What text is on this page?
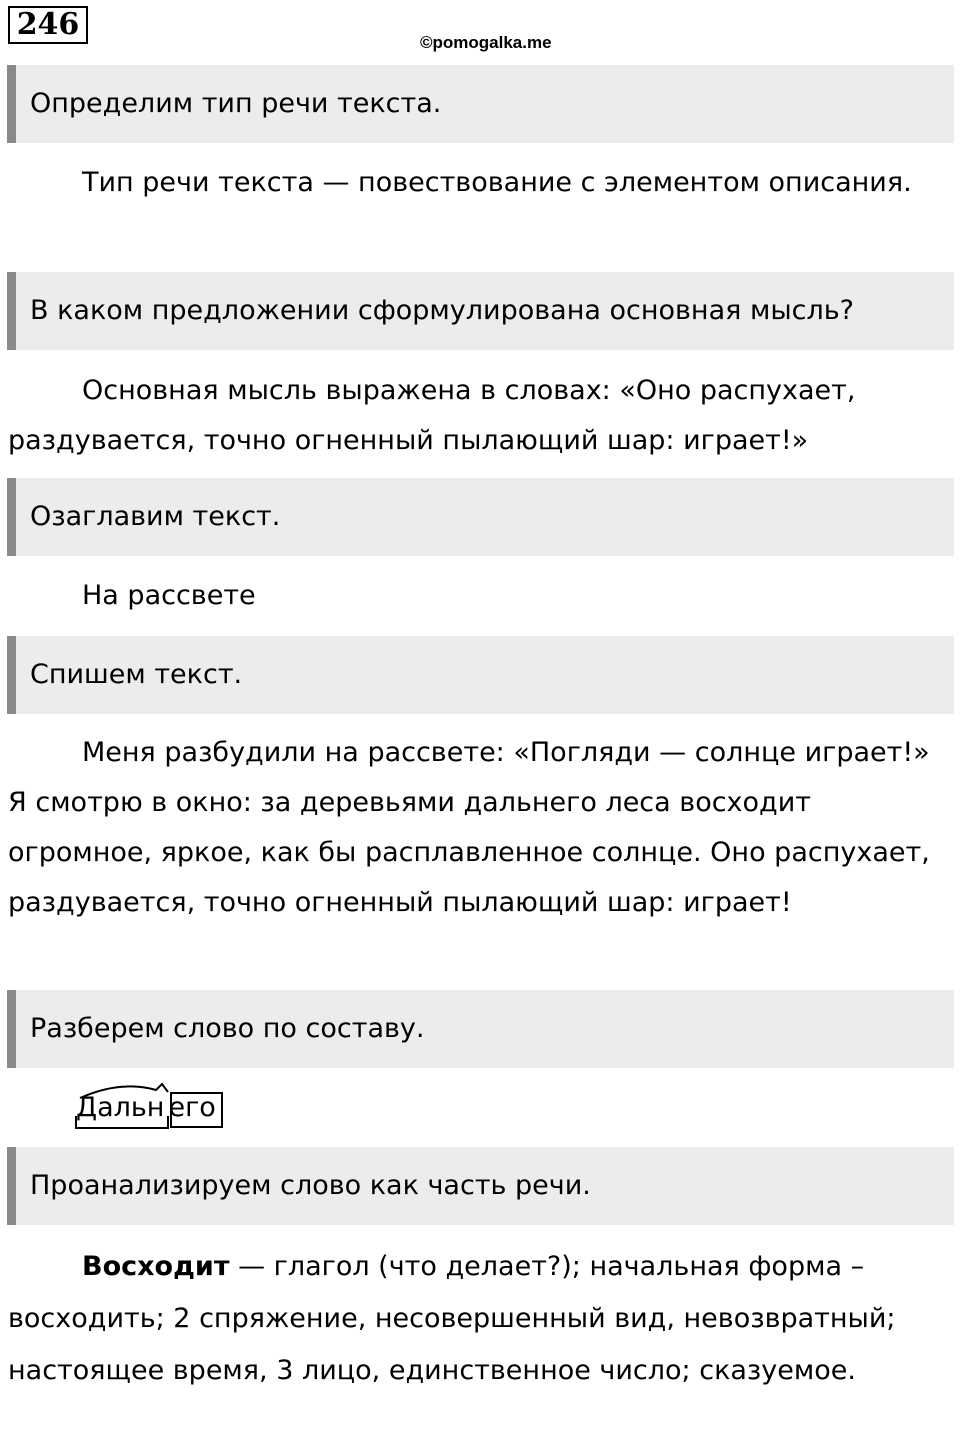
246
©pomogalka.me
Определим тип речи текста.

Тип речи текста — повествование с элементом описания.

В каком предложении сформулирована основная мысль?

Основная мысль выражена в словах: «Оно распухает, раздувается, точно огненный пылающий шар: играет!»

Озаглавим текст.
На рассвете
Спишем текст.

Меня разбудили на рассвете: «Погляди — солнце играет!» Я смотрю в окно: за деревьями дальнего леса восходит огромное, яркое, как бы расплавленное солнце. Оно распухает, раздувается, точно огненный пылающий шар: играет!

Разберем слово по составу.
Дальн его
Проанализируем слово как часть речи.

Восходит — глагол (что делает?); начальная форма – восходить; 2 спряжение, несовершенный вид, невозвратный; настоящее время, 3 лицо, единственное число; сказуемое.
